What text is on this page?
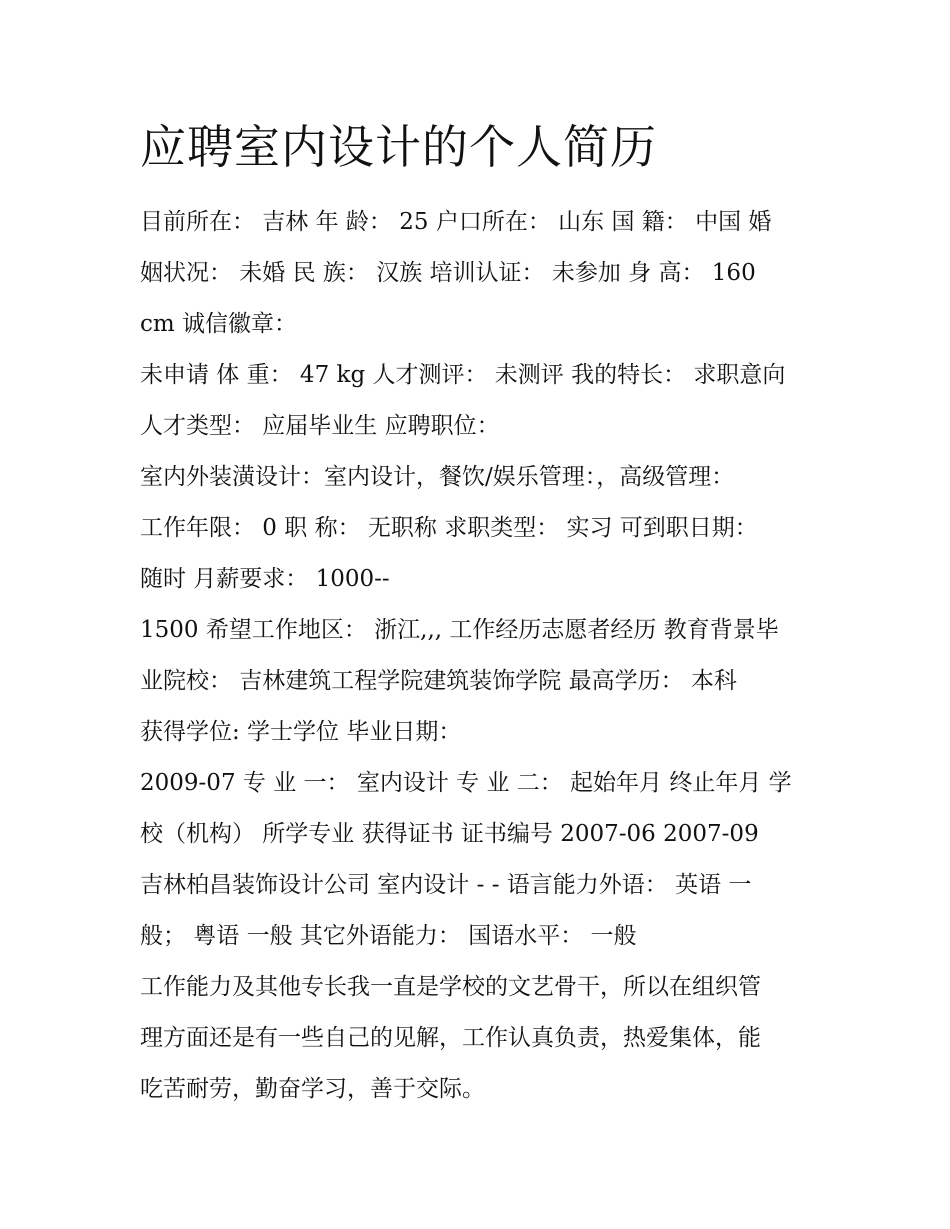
应聘室内设计的个人简历
目前所在： 吉林 年 龄： 25 户口所在： 山东 国 籍： 中国 婚
姻状况： 未婚 民 族： 汉族 培训认证： 未参加 身 高： 160
cm 诚信徽章：
未申请 体 重： 47 kg 人才测评： 未测评 我的特长： 求职意向
人才类型： 应届毕业生 应聘职位：
室内外装潢设计：室内设计，餐饮/娱乐管理：，高级管理：
工作年限： 0 职 称： 无职称 求职类型： 实习 可到职日期：
随时 月薪要求： 1000--
1500 希望工作地区： 浙江,,, 工作经历志愿者经历 教育背景毕
业院校： 吉林建筑工程学院建筑装饰学院 最高学历： 本科
获得学位: 学士学位 毕业日期：
2009-07 专 业 一： 室内设计 专 业 二： 起始年月 终止年月 学
校（机构） 所学专业 获得证书 证书编号 2007-06 2007-09
吉林柏昌装饰设计公司 室内设计 - - 语言能力外语： 英语 一
般； 粤语 一般 其它外语能力： 国语水平： 一般
工作能力及其他专长我一直是学校的文艺骨干，所以在组织管
理方面还是有一些自己的见解，工作认真负责，热爱集体，能
吃苦耐劳，勤奋学习，善于交际。
